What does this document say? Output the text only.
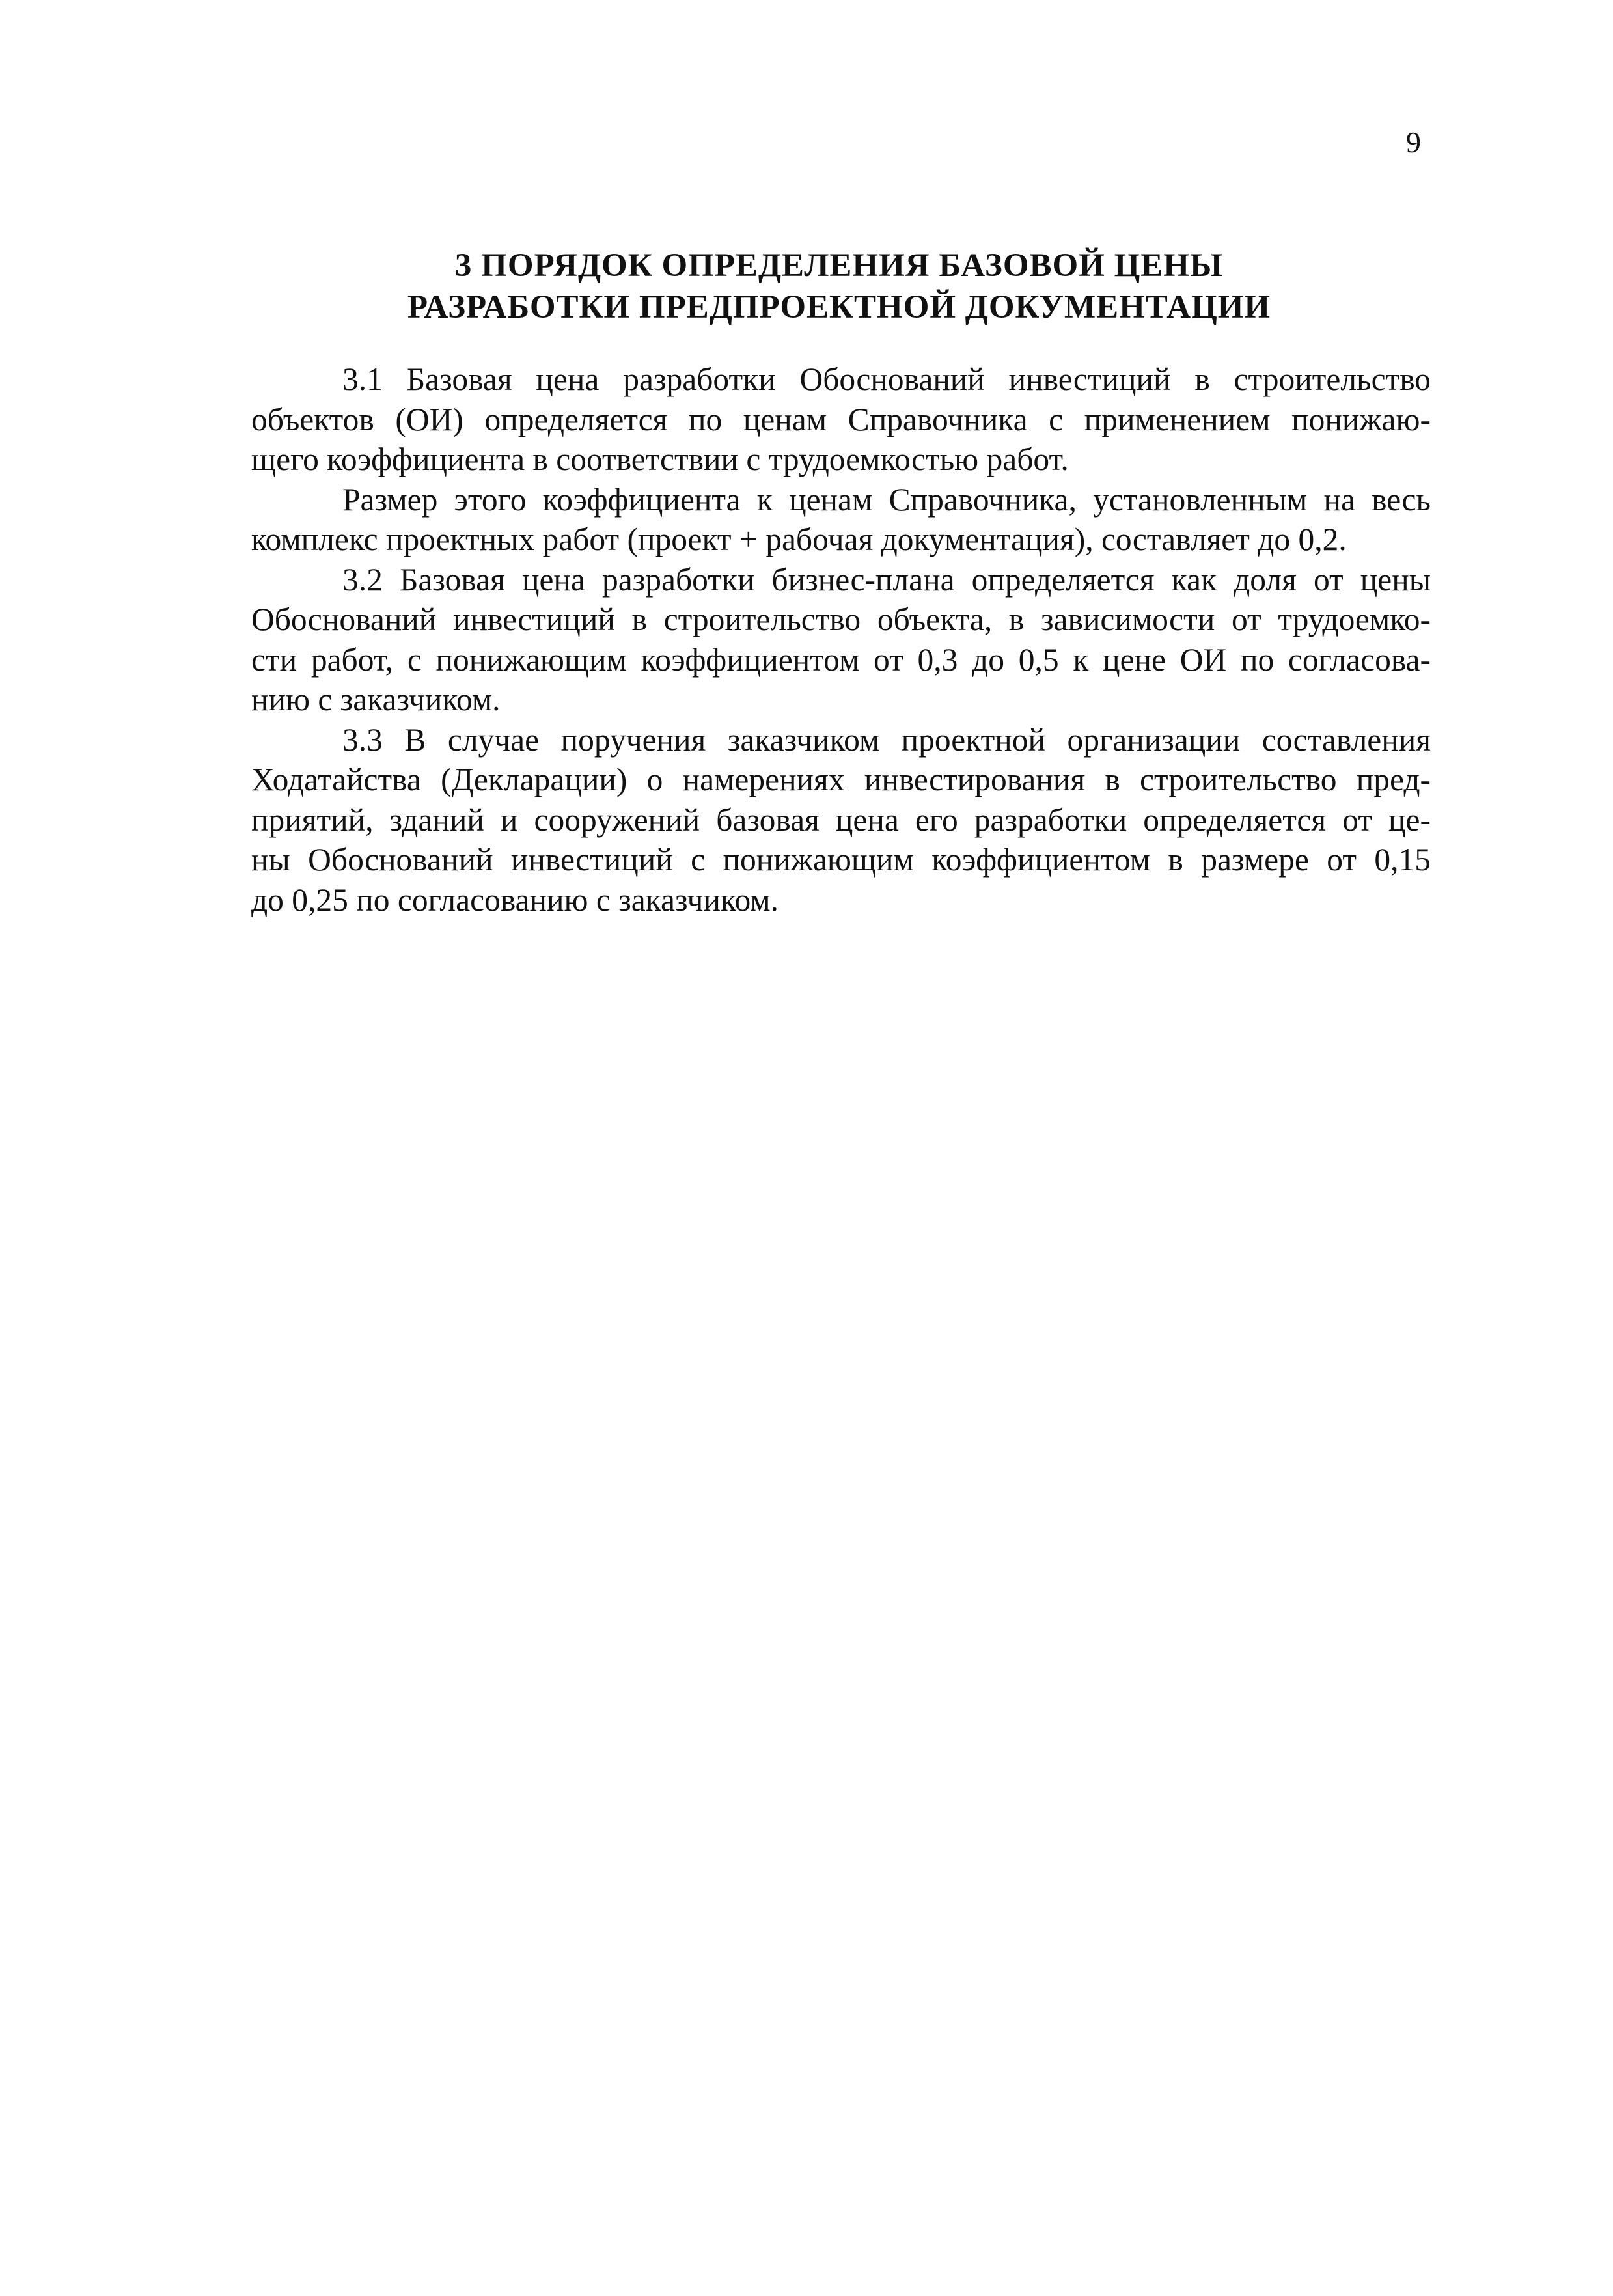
9
3 ПОРЯДОК ОПРЕДЕЛЕНИЯ БАЗОВОЙ ЦЕНЫ
РАЗРАБОТКИ ПРЕДПРОЕКТНОЙ ДОКУМЕНТАЦИИ
3.1 Базовая цена разработки Обоснований инвестиций в строительство
объектов (ОИ) определяется по ценам Справочника с применением понижаю-
щего коэффициента в соответствии с трудоемкостью работ.
Размер этого коэффициента к ценам Справочника, установленным на весь
комплекс проектных работ (проект + рабочая документация), составляет до 0,2.
3.2 Базовая цена разработки бизнес-плана определяется как доля от цены
Обоснований инвестиций в строительство объекта, в зависимости от трудоемко-
сти работ, с понижающим коэффициентом от 0,3 до 0,5 к цене ОИ по согласова-
нию с заказчиком.
3.3 В случае поручения заказчиком проектной организации составления
Ходатайства (Декларации) о намерениях инвестирования в строительство пред-
приятий, зданий и сооружений базовая цена его разработки определяется от це-
ны Обоснований инвестиций с понижающим коэффициентом в размере от 0,15
до 0,25 по согласованию с заказчиком.
